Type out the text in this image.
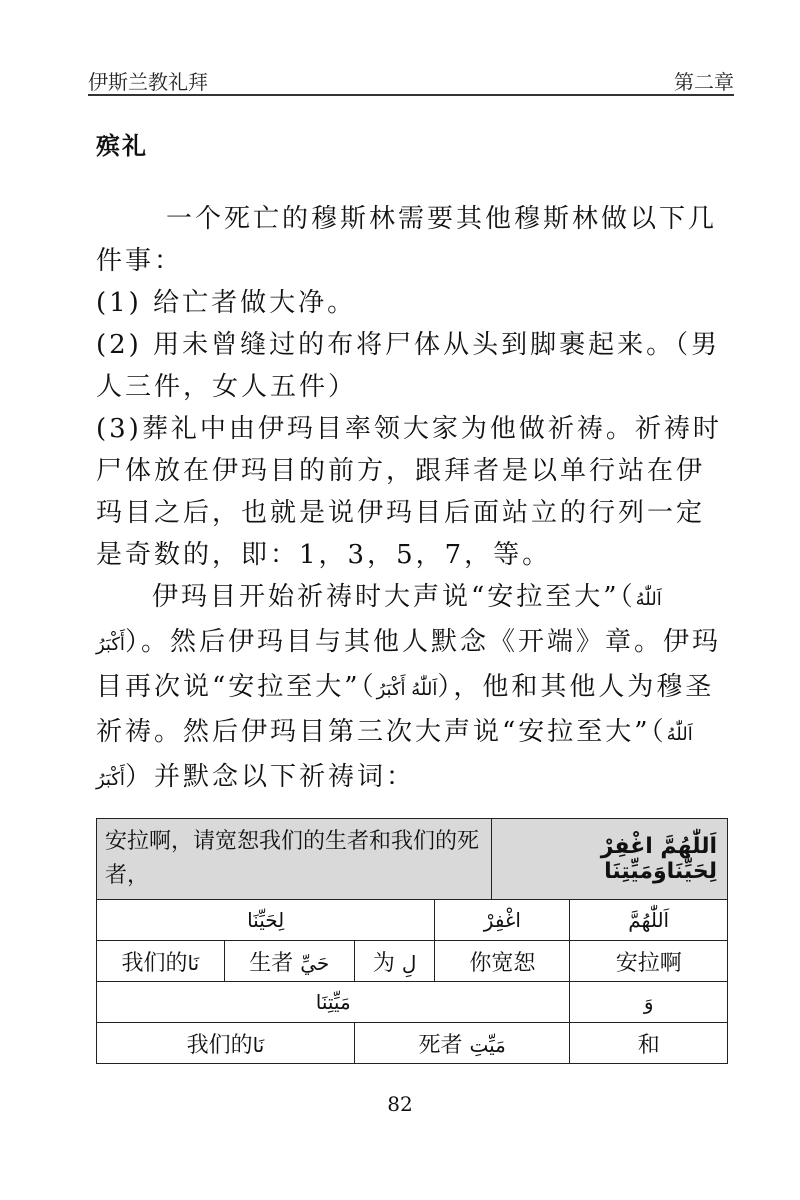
伊斯兰教礼拜	第二章
殡礼

一个死亡的穆斯林需要其他穆斯林做以下几件事：

(1) 给亡者做大净。

(2) 用未曾缝过的布将尸体从头到脚裹起来。（男人三件，女人五件）

(3)葬礼中由伊玛目率领大家为他做祈祷。祈祷时尸体放在伊玛目的前方，跟拜者是以单行站在伊玛目之后，也就是说伊玛目后面站立的行列一定是奇数的，即：1，3，5，7，等。

伊玛目开始祈祷时大声说“安拉至大”（اَللّٰهُ أَكْبَرُ）。然后伊玛目与其他人默念《开端》章。伊玛目再次说“安拉至大”（اَللّٰهُ أَكْبَرُ），他和其他人为穆圣祈祷。然后伊玛目第三次大声说“安拉至大”（اَللّٰهُ أَكْبَرُ）并默念以下祈祷词：

安拉啊，请宽恕我们的生者和我们的死者，				اَللّٰهُمَّ اغْفِرْ لِحَيِّنَاوَمَيِّتِنَا	
لِحَيِّنَا			اغْفِرْ		اَللّٰهُمَّ
我们的نَا	生者 حَيِّ	为 لِ	你宽恕		安拉啊
مَيِّتِنَا					وَ
我们的نَا		死者 مَيِّتِ			和
82
